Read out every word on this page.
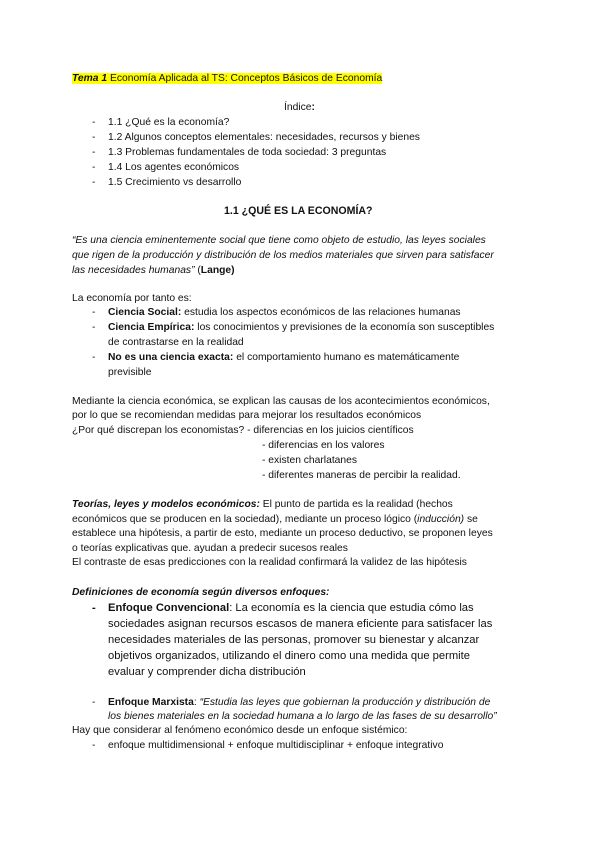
Tema 1 Economía Aplicada al TS: Conceptos Básicos de Economía
Índice:
- 1.1 ¿Qué es la economía?
- 1.2 Algunos conceptos elementales: necesidades, recursos y bienes
- 1.3 Problemas fundamentales de toda sociedad: 3 preguntas
- 1.4 Los agentes económicos
- 1.5 Crecimiento vs desarrollo
1.1 ¿QUÉ ES LA ECONOMÍA?
“Es una ciencia eminentemente social que tiene como objeto de estudio, las leyes sociales
que rigen de la producción y distribución de los medios materiales que sirven para satisfacer
las necesidades humanas” (Lange)
La economía por tanto es:
- Ciencia Social: estudia los aspectos económicos de las relaciones humanas
- Ciencia Empírica: los conocimientos y previsiones de la economía son susceptibles
de contrastarse en la realidad
- No es una ciencia exacta: el comportamiento humano es matemáticamente
previsible
Mediante la ciencia económica, se explican las causas de los acontecimientos económicos,
por lo que se recomiendan medidas para mejorar los resultados económicos
¿Por qué discrepan los economistas? - diferencias en los juicios científicos
- diferencias en los valores
- existen charlatanes
- diferentes maneras de percibir la realidad.
Teorías, leyes y modelos económicos: El punto de partida es la realidad (hechos
económicos que se producen en la sociedad), mediante un proceso lógico (inducción) se
establece una hipótesis, a partir de esto, mediante un proceso deductivo, se proponen leyes
o teorías explicativas que. ayudan a predecir sucesos reales
El contraste de esas predicciones con la realidad confirmará la validez de las hipótesis
Definiciones de economía según diversos enfoques:
- Enfoque Convencional: La economía es la ciencia que estudia cómo las
sociedades asignan recursos escasos de manera eficiente para satisfacer las
necesidades materiales de las personas, promover su bienestar y alcanzar
objetivos organizados, utilizando el dinero como una medida que permite
evaluar y comprender dicha distribución
- Enfoque Marxista: “Estudia las leyes que gobiernan la producción y distribución de
los bienes materiales en la sociedad humana a lo largo de las fases de su desarrollo”
Hay que considerar al fenómeno económico desde un enfoque sistémico:
- enfoque multidimensional + enfoque multidisciplinar + enfoque integrativo
